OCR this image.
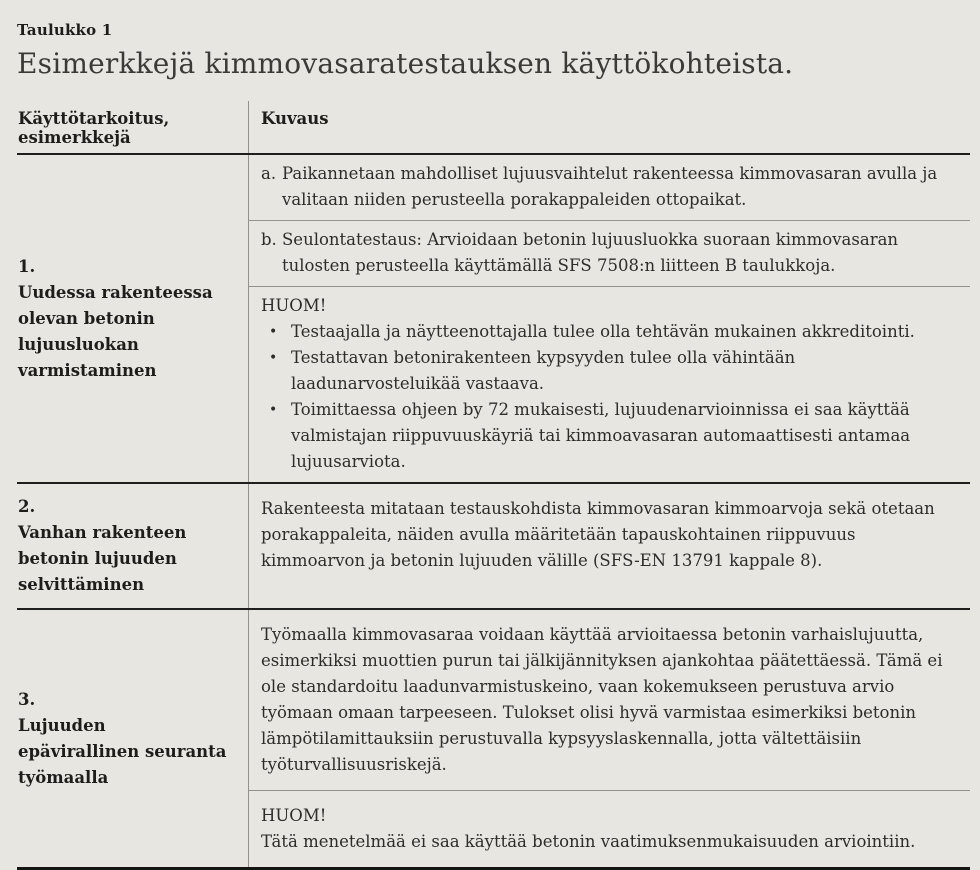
Taulukko 1
Esimerkkejä kimmovasaratestauksen käyttökohteista.
Käyttötarkoitus, esimerkkejä
Kuvaus
1.
Uudessa rakenteessa olevan betonin lujuusluokan varmistaminen
a. Paikannetaan mahdolliset lujuusvaihtelut rakenteessa kimmovasaran avulla ja valitaan niiden perusteella porakappaleiden ottopaikat.
b. Seulontatestaus: Arvioidaan betonin lujuusluokka suoraan kimmovasaran tulosten perusteella käyttämällä SFS 7508:n liitteen B taulukkoja.
HUOM!
• Testaajalla ja näytteenottajalla tulee olla tehtävän mukainen akkreditointi.
• Testattavan betonirakenteen kypsyyden tulee olla vähintään laadunarvosteluikää vastaava.
• Toimittaessa ohjeen by 72 mukaisesti, lujuudenarvioinnissa ei saa käyttää valmistajan riippuvuuskäyriä tai kimmoavasaran automaattisesti antamaa lujuusarviota.
2.
Vanhan rakenteen betonin lujuuden selvittäminen
Rakenteesta mitataan testauskohdista kimmovasaran kimmoarvoja sekä otetaan porakappaleita, näiden avulla määritetään tapauskohtainen riippuvuus kimmoarvon ja betonin lujuuden välille (SFS-EN 13791 kappale 8).
3.
Lujuuden epävirallinen seuranta työmaalla
Työmaalla kimmovasaraa voidaan käyttää arvioitaessa betonin varhaislujuutta, esimerkiksi muottien purun tai jälkijännityksen ajankohtaa päätettäessä. Tämä ei ole standardoitu laadunvarmistuskeino, vaan kokemukseen perustuva arvio työmaan omaan tarpeeseen. Tulokset olisi hyvä varmistaa esimerkiksi betonin lämpötilamittauksiin perustuvalla kypsyyslaskennalla, jotta vältettäisiin työturvallisuusriskejä.
HUOM!
Tätä menetelmää ei saa käyttää betonin vaatimuksenmukaisuuden arviointiin.
